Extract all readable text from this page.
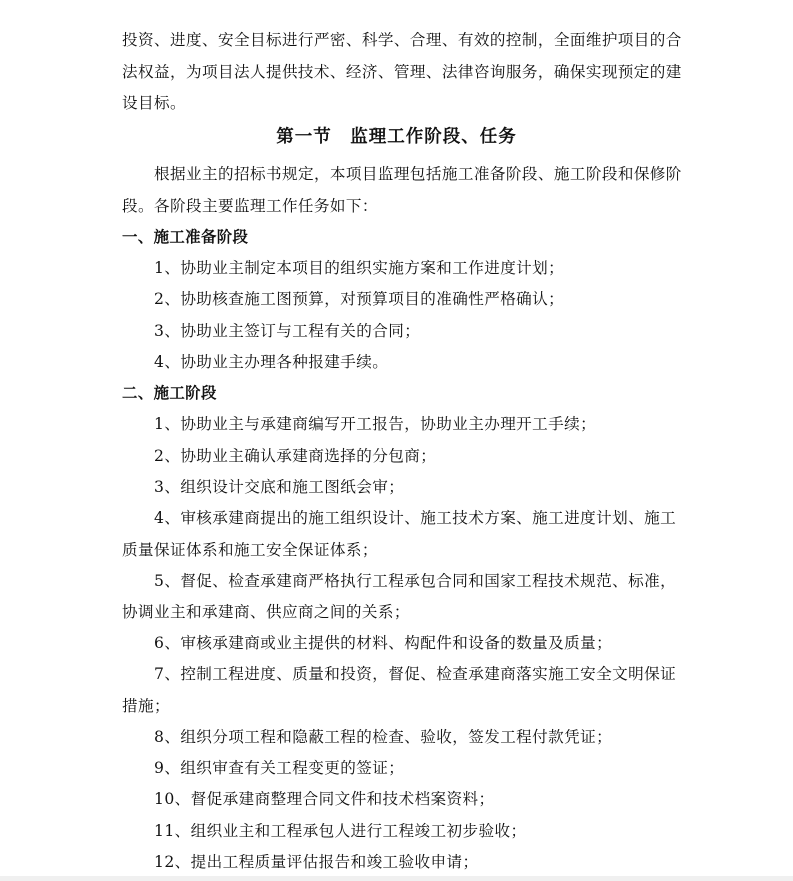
投资、进度、安全目标进行严密、科学、合理、有效的控制，全面维护项目的合
法权益，为项目法人提供技术、经济、管理、法律咨询服务，确保实现预定的建
设目标。
第一节　监理工作阶段、任务
根据业主的招标书规定，本项目监理包括施工准备阶段、施工阶段和保修阶
段。各阶段主要监理工作任务如下：
一、施工准备阶段
1、协助业主制定本项目的组织实施方案和工作进度计划；
2、协助核查施工图预算，对预算项目的准确性严格确认；
3、协助业主签订与工程有关的合同；
4、协助业主办理各种报建手续。
二、施工阶段
1、协助业主与承建商编写开工报告，协助业主办理开工手续；
2、协助业主确认承建商选择的分包商；
3、组织设计交底和施工图纸会审；
4、审核承建商提出的施工组织设计、施工技术方案、施工进度计划、施工
质量保证体系和施工安全保证体系；
5、督促、检查承建商严格执行工程承包合同和国家工程技术规范、标准，
协调业主和承建商、供应商之间的关系；
6、审核承建商或业主提供的材料、构配件和设备的数量及质量；
7、控制工程进度、质量和投资，督促、检查承建商落实施工安全文明保证
措施；
8、组织分项工程和隐蔽工程的检查、验收，签发工程付款凭证；
9、组织审查有关工程变更的签证；
10、督促承建商整理合同文件和技术档案资料；
11、组织业主和工程承包人进行工程竣工初步验收；
12、提出工程质量评估报告和竣工验收申请；
